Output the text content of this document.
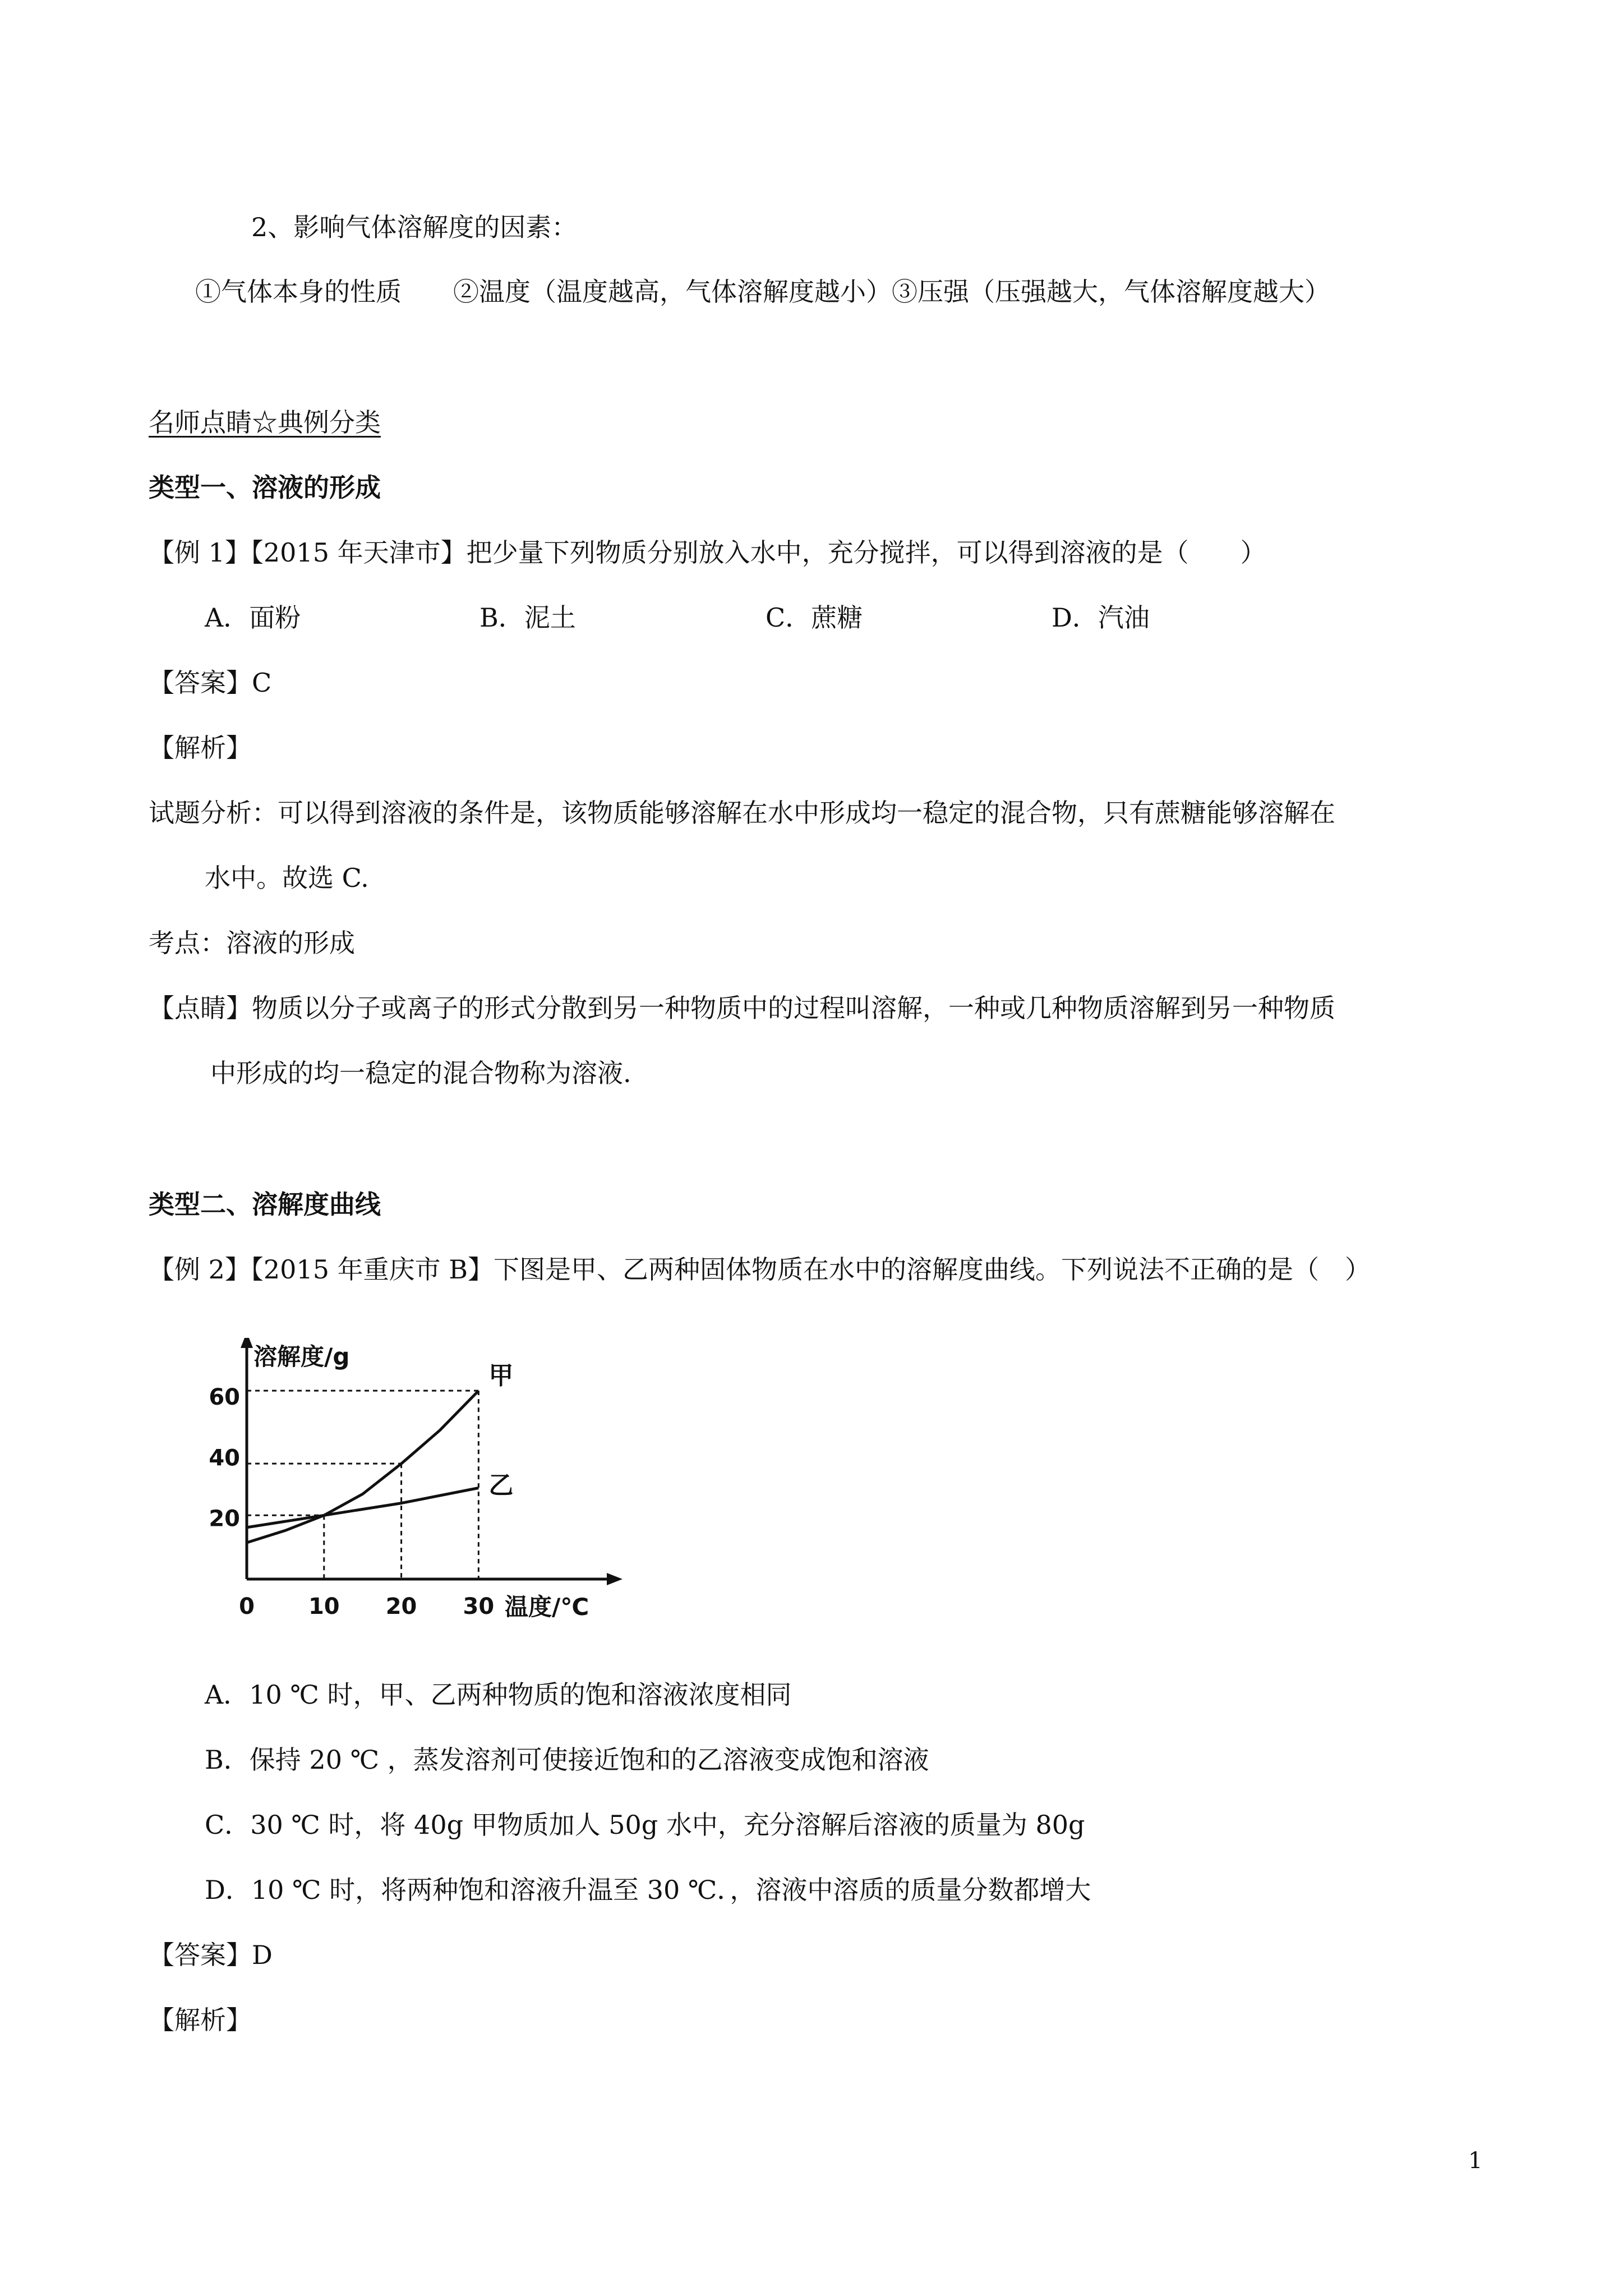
2、影响气体溶解度的因素：
①气体本身的性质　　②温度（温度越高，气体溶解度越小）③压强（压强越大，气体溶解度越大）
名师点睛☆典例分类
类型一、溶液的形成
【例 1】【2015 年天津市】把少量下列物质分别放入水中，充分搅拌，可以得到溶液的是（　　）
A．面粉	B．泥土	C．蔗糖	D．汽油
【答案】C
【解析】
试题分析：可以得到溶液的条件是，该物质能够溶解在水中形成均一稳定的混合物，只有蔗糖能够溶解在
水中。故选 C.
考点：溶液的形成
【点睛】物质以分子或离子的形式分散到另一种物质中的过程叫溶解，一种或几种物质溶解到另一种物质
中形成的均一稳定的混合物称为溶液.
类型二、溶解度曲线
【例 2】【2015 年重庆市 B】下图是甲、乙两种固体物质在水中的溶解度曲线。下列说法不正确的是（　）
0 10 20 30
20
40
60
溶解度/g
温度/℃
甲
乙
A．10 ℃ 时，甲、乙两种物质的饱和溶液浓度相同
B．保持 20 ℃ ，蒸发溶剂可使接近饱和的乙溶液变成饱和溶液
C．30 ℃ 时，将 40g 甲物质加人 50g 水中，充分溶解后溶液的质量为 80g
D．10 ℃ 时，将两种饱和溶液升温至 30 ℃．，溶液中溶质的质量分数都增大
【答案】D
【解析】
1
